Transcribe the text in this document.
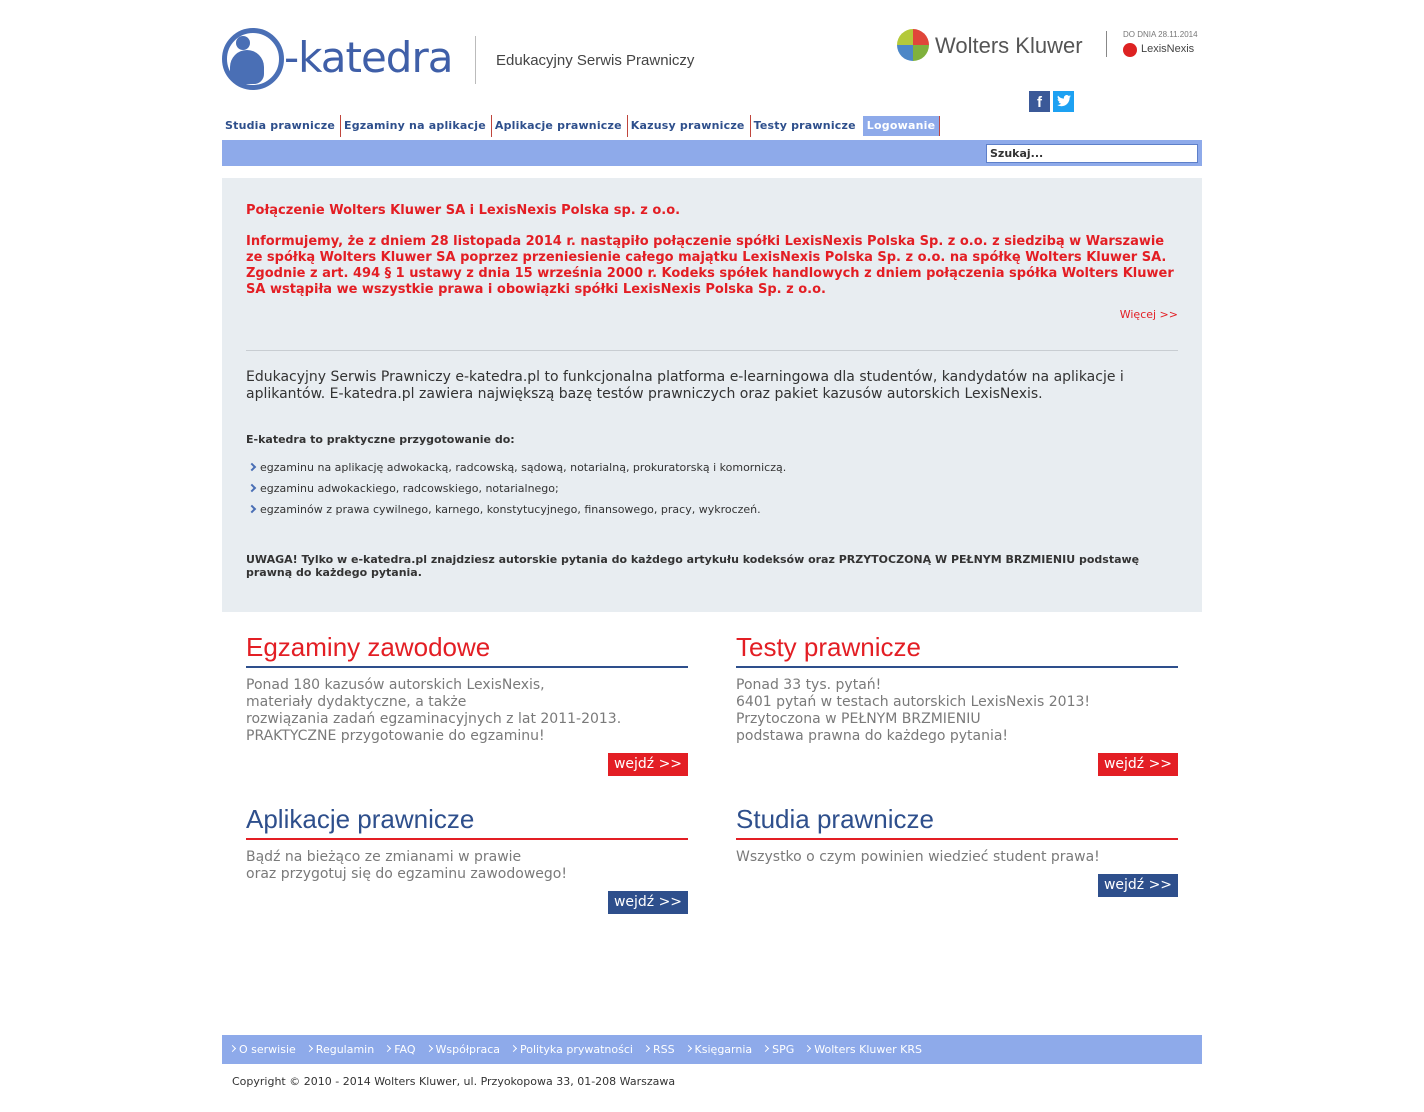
-katedra	Edukacyjny Serwis Prawniczy
Wolters Kluwer	DO DNIA 28.11.2014
LexisNexis
f
Studia prawnicze Egzaminy na aplikacje Aplikacje prawnicze Kazusy prawnicze Testy prawnicze	Logowanie
Szukaj...
Połączenie Wolters Kluwer SA i LexisNexis Polska sp. z o.o.
Informujemy, że z dniem 28 listopada 2014 r. nastąpiło połączenie spółki LexisNexis Polska Sp. z o.o. z siedzibą w Warszawie ze spółką Wolters Kluwer SA poprzez przeniesienie całego majątku LexisNexis Polska Sp. z o.o. na spółkę Wolters Kluwer SA. Zgodnie z art. 494 § 1 ustawy z dnia 15 września 2000 r. Kodeks spółek handlowych z dniem połączenia spółka Wolters Kluwer SA wstąpiła we wszystkie prawa i obowiązki spółki LexisNexis Polska Sp. z o.o.
Więcej >>
Edukacyjny Serwis Prawniczy e-katedra.pl to funkcjonalna platforma e-learningowa dla studentów, kandydatów na aplikacje i aplikantów. E-katedra.pl zawiera największą bazę testów prawniczych oraz pakiet kazusów autorskich LexisNexis.
E-katedra to praktyczne przygotowanie do:
egzaminu na aplikację adwokacką, radcowską, sądową, notarialną, prokuratorską i komorniczą.
egzaminu adwokackiego, radcowskiego, notarialnego;
egzaminów z prawa cywilnego, karnego, konstytucyjnego, finansowego, pracy, wykroczeń.
UWAGA! Tylko w e-katedra.pl znajdziesz autorskie pytania do każdego artykułu kodeksów oraz PRZYTOCZONĄ W PEŁNYM BRZMIENIU podstawę prawną do każdego pytania.
Egzaminy zawodowe
Ponad 180 kazusów autorskich LexisNexis,
materiały dydaktyczne, a także
rozwiązania zadań egzaminacyjnych z lat 2011-2013.
PRAKTYCZNE przygotowanie do egzaminu!
wejdź >>
Testy prawnicze
Ponad 33 tys. pytań!
6401 pytań w testach autorskich LexisNexis 2013!
Przytoczona w PEŁNYM BRZMIENIU
podstawa prawna do każdego pytania!
wejdź >>
Aplikacje prawnicze
Bądź na bieżąco ze zmianami w prawie
oraz przygotuj się do egzaminu zawodowego!
wejdź >>
Studia prawnicze
Wszystko o czym powinien wiedzieć student prawa!
wejdź >>
O serwisie	Regulamin	FAQ	Współpraca	Polityka prywatności	RSS	Księgarnia	SPG	Wolters Kluwer KRS
Copyright © 2010 - 2014 Wolters Kluwer, ul. Przyokopowa 33, 01-208 Warszawa
